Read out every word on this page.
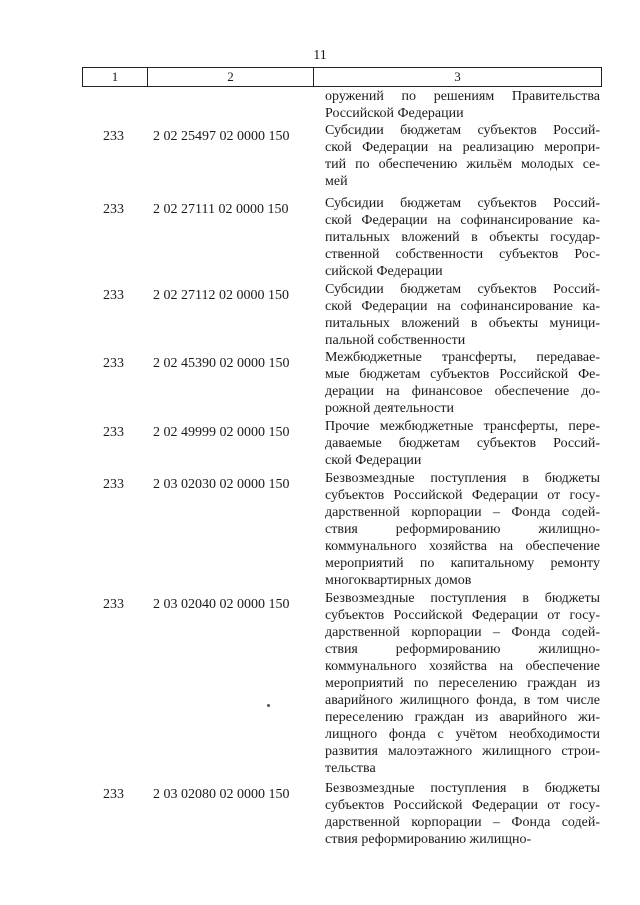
11
1	2	3
оружений по решениям Правительства
Российской Федерации
233	2 02 25497 02 0000 150	Субсидии бюджетам субъектов Россий-
ской Федерации на реализацию меропри-
тий по обеспечению жильём молодых се-
мей
233	2 02 27111 02 0000 150	Субсидии бюджетам субъектов Россий-
ской Федерации на софинансирование ка-
питальных вложений в объекты государ-
ственной собственности субъектов Рос-
сийской Федерации
233	2 02 27112 02 0000 150	Субсидии бюджетам субъектов Россий-
ской Федерации на софинансирование ка-
питальных вложений в объекты муници-
пальной собственности
233	2 02 45390 02 0000 150	Межбюджетные трансферты, передавае-
мые бюджетам субъектов Российской Фе-
дерации на финансовое обеспечение до-
рожной деятельности
233	2 02 49999 02 0000 150	Прочие межбюджетные трансферты, пере-
даваемые бюджетам субъектов Россий-
ской Федерации
233	2 03 02030 02 0000 150	Безвозмездные поступления в бюджеты
субъектов Российской Федерации от госу-
дарственной корпорации – Фонда содей-
ствия реформированию жилищно-
коммунального хозяйства на обеспечение
мероприятий по капитальному ремонту
многоквартирных домов
233	2 03 02040 02 0000 150	Безвозмездные поступления в бюджеты
субъектов Российской Федерации от госу-
дарственной корпорации – Фонда содей-
ствия реформированию жилищно-
коммунального хозяйства на обеспечение
мероприятий по переселению граждан из
аварийного жилищного фонда, в том числе
переселению граждан из аварийного жи-
лищного фонда с учётом необходимости
развития малоэтажного жилищного строи-
тельства
233	2 03 02080 02 0000 150	Безвозмездные поступления в бюджеты
субъектов Российской Федерации от госу-
дарственной корпорации – Фонда содей-
ствия реформированию жилищно-
